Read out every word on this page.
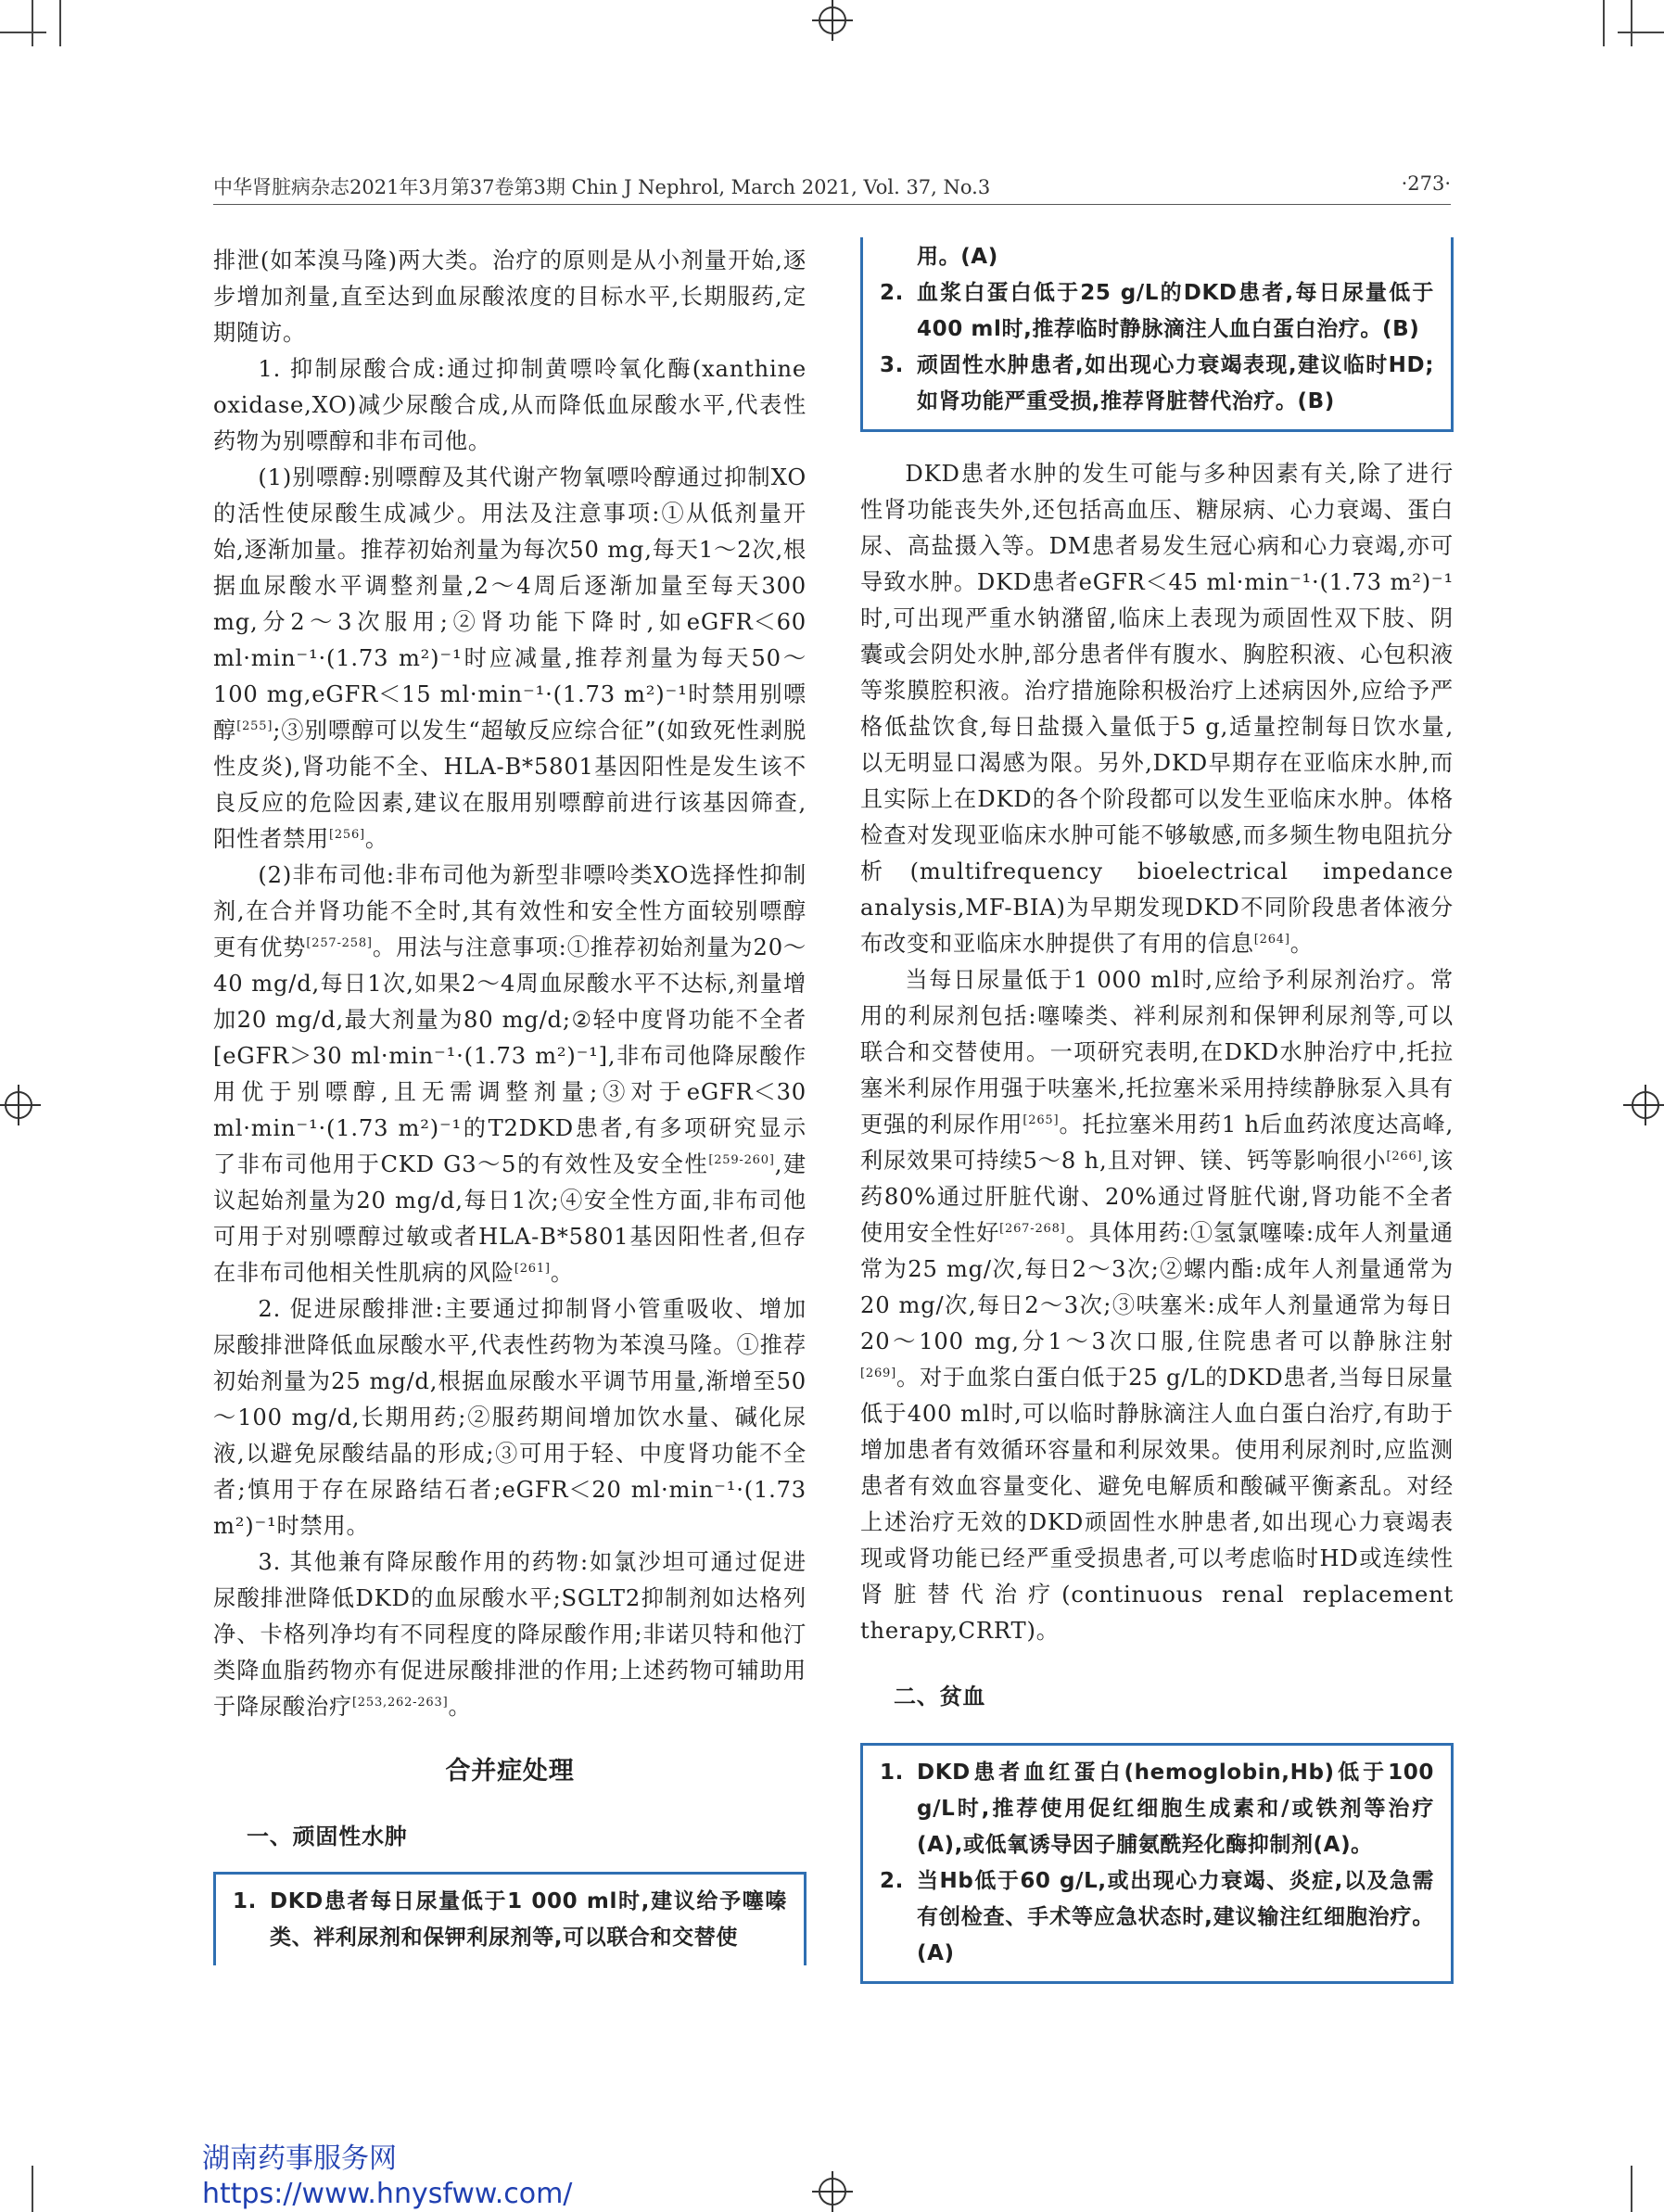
中华肾脏病杂志2021年3月第37卷第3期 Chin J Nephrol, March 2021, Vol. 37, No.3	·273·

排泄(如苯溴马隆)两大类。治疗的原则是从小剂量开始,逐步增加剂量,直至达到血尿酸浓度的目标水平,长期服药,定期随访。

1. 抑制尿酸合成:通过抑制黄嘌呤氧化酶(xanthine oxidase,XO)减少尿酸合成,从而降低血尿酸水平,代表性药物为别嘌醇和非布司他。

(1)别嘌醇:别嘌醇及其代谢产物氧嘌呤醇通过抑制XO的活性使尿酸生成减少。用法及注意事项:①从低剂量开始,逐渐加量。推荐初始剂量为每次50 mg,每天1～2次,根据血尿酸水平调整剂量,2～4周后逐渐加量至每天300 mg,分2～3次服用;②肾功能下降时,如eGFR＜60 ml·min⁻¹·(1.73 m²)⁻¹时应减量,推荐剂量为每天50～100 mg,eGFR＜15 ml·min⁻¹·(1.73 m²)⁻¹时禁用别嘌醇[255];③别嘌醇可以发生“超敏反应综合征”(如致死性剥脱性皮炎),肾功能不全、HLA-B*5801基因阳性是发生该不良反应的危险因素,建议在服用别嘌醇前进行该基因筛查,阳性者禁用[256]。

(2)非布司他:非布司他为新型非嘌呤类XO选择性抑制剂,在合并肾功能不全时,其有效性和安全性方面较别嘌醇更有优势[257-258]。用法与注意事项:①推荐初始剂量为20～40 mg/d,每日1次,如果2～4周血尿酸水平不达标,剂量增加20 mg/d,最大剂量为80 mg/d;②轻中度肾功能不全者[eGFR＞30 ml·min⁻¹·(1.73 m²)⁻¹],非布司他降尿酸作用优于别嘌醇,且无需调整剂量;③对于eGFR＜30 ml·min⁻¹·(1.73 m²)⁻¹的T2DKD患者,有多项研究显示了非布司他用于CKD G3～5的有效性及安全性[259-260],建议起始剂量为20 mg/d,每日1次;④安全性方面,非布司他可用于对别嘌醇过敏或者HLA-B*5801基因阳性者,但存在非布司他相关性肌病的风险[261]。

2. 促进尿酸排泄:主要通过抑制肾小管重吸收、增加尿酸排泄降低血尿酸水平,代表性药物为苯溴马隆。①推荐初始剂量为25 mg/d,根据血尿酸水平调节用量,渐增至50～100 mg/d,长期用药;②服药期间增加饮水量、碱化尿液,以避免尿酸结晶的形成;③可用于轻、中度肾功能不全者;慎用于存在尿路结石者;eGFR＜20 ml·min⁻¹·(1.73 m²)⁻¹时禁用。

3. 其他兼有降尿酸作用的药物:如氯沙坦可通过促进尿酸排泄降低DKD的血尿酸水平;SGLT2抑制剂如达格列净、卡格列净均有不同程度的降尿酸作用;非诺贝特和他汀类降血脂药物亦有促进尿酸排泄的作用;上述药物可辅助用于降尿酸治疗[253,262-263]。

合并症处理
一、顽固性水肿
1. DKD患者每日尿量低于1 000 ml时,建议给予噻嗪类、袢利尿剂和保钾利尿剂等,可以联合和交替使
用。(A)
2. 血浆白蛋白低于25 g/L的DKD患者,每日尿量低于400 ml时,推荐临时静脉滴注人血白蛋白治疗。(B)
3. 顽固性水肿患者,如出现心力衰竭表现,建议临时HD;如肾功能严重受损,推荐肾脏替代治疗。(B)

DKD患者水肿的发生可能与多种因素有关,除了进行性肾功能丧失外,还包括高血压、糖尿病、心力衰竭、蛋白尿、高盐摄入等。DM患者易发生冠心病和心力衰竭,亦可导致水肿。DKD患者eGFR＜45 ml·min⁻¹·(1.73 m²)⁻¹时,可出现严重水钠潴留,临床上表现为顽固性双下肢、阴囊或会阴处水肿,部分患者伴有腹水、胸腔积液、心包积液等浆膜腔积液。治疗措施除积极治疗上述病因外,应给予严格低盐饮食,每日盐摄入量低于5 g,适量控制每日饮水量,以无明显口渴感为限。另外,DKD早期存在亚临床水肿,而且实际上在DKD的各个阶段都可以发生亚临床水肿。体格检查对发现亚临床水肿可能不够敏感,而多频生物电阻抗分析(multifrequency bioelectrical impedance analysis,MF-BIA)为早期发现DKD不同阶段患者体液分布改变和亚临床水肿提供了有用的信息[264]。

当每日尿量低于1 000 ml时,应给予利尿剂治疗。常用的利尿剂包括:噻嗪类、袢利尿剂和保钾利尿剂等,可以联合和交替使用。一项研究表明,在DKD水肿治疗中,托拉塞米利尿作用强于呋塞米,托拉塞米采用持续静脉泵入具有更强的利尿作用[265]。托拉塞米用药1 h后血药浓度达高峰,利尿效果可持续5～8 h,且对钾、镁、钙等影响很小[266],该药80%通过肝脏代谢、20%通过肾脏代谢,肾功能不全者使用安全性好[267-268]。具体用药:①氢氯噻嗪:成年人剂量通常为25 mg/次,每日2～3次;②螺内酯:成年人剂量通常为20 mg/次,每日2～3次;③呋塞米:成年人剂量通常为每日20～100 mg,分1～3次口服,住院患者可以静脉注射[269]。对于血浆白蛋白低于25 g/L的DKD患者,当每日尿量低于400 ml时,可以临时静脉滴注人血白蛋白治疗,有助于增加患者有效循环容量和利尿效果。使用利尿剂时,应监测患者有效血容量变化、避免电解质和酸碱平衡紊乱。对经上述治疗无效的DKD顽固性水肿患者,如出现心力衰竭表现或肾功能已经严重受损患者,可以考虑临时HD或连续性肾脏替代治疗(continuous renal replacement therapy,CRRT)。

二、贫血
1. DKD患者血红蛋白(hemoglobin,Hb)低于100 g/L时,推荐使用促红细胞生成素和/或铁剂等治疗(A),或低氧诱导因子脯氨酰羟化酶抑制剂(A)。
2. 当Hb低于60 g/L,或出现心力衰竭、炎症,以及急需有创检查、手术等应急状态时,建议输注红细胞治疗。(A)
湖南药事服务网
https://www.hnysfww.com/
